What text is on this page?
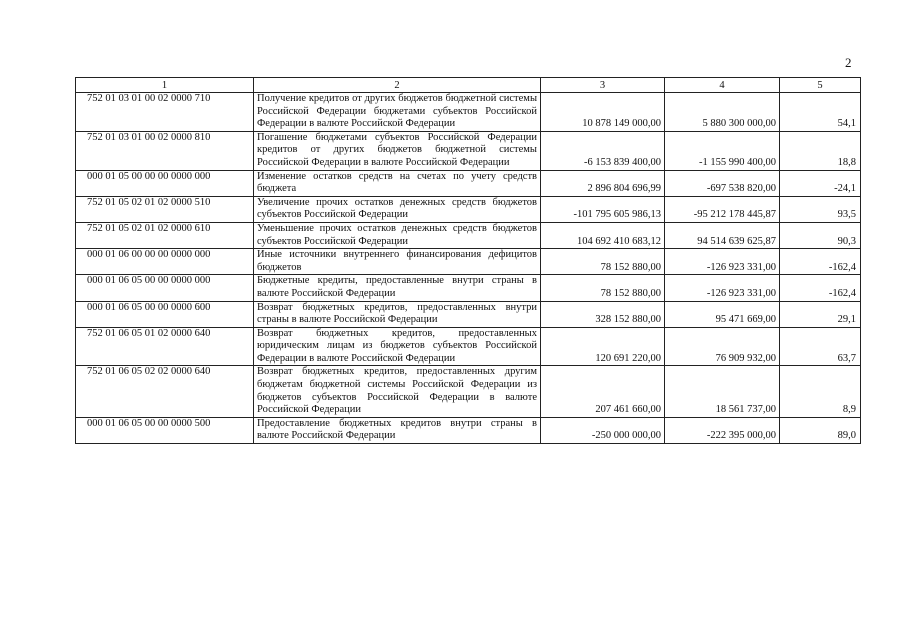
2
1	2	3	4	5
752 01 03 01 00 02 0000 710	Получение кредитов от других бюджетов бюджетной системы Российской Федерации бюджетами субъектов Российской Федерации в валюте Российской Федерации	10 878 149 000,00	5 880 300 000,00	54,1
752 01 03 01 00 02 0000 810	Погашение бюджетами субъектов Российской Федерации кредитов от других бюджетов бюджетной системы Российской Федерации в валюте Российской Федерации	-6 153 839 400,00	-1 155 990 400,00	18,8
000 01 05 00 00 00 0000 000	Изменение остатков средств на счетах по учету средств бюджета	2 896 804 696,99	-697 538 820,00	-24,1
752 01 05 02 01 02 0000 510	Увеличение прочих остатков денежных средств бюджетов субъектов Российской Федерации	-101 795 605 986,13	-95 212 178 445,87	93,5
752 01 05 02 01 02 0000 610	Уменьшение прочих остатков денежных средств бюджетов субъектов Российской Федерации	104 692 410 683,12	94 514 639 625,87	90,3
000 01 06 00 00 00 0000 000	Иные источники внутреннего финансирования дефицитов бюджетов	78 152 880,00	-126 923 331,00	-162,4
000 01 06 05 00 00 0000 000	Бюджетные кредиты, предоставленные внутри страны в валюте Российской Федерации	78 152 880,00	-126 923 331,00	-162,4
000 01 06 05 00 00 0000 600	Возврат бюджетных кредитов, предоставленных внутри страны в валюте Российской Федерации	328 152 880,00	95 471 669,00	29,1
752 01 06 05 01 02 0000 640	Возврат бюджетных кредитов, предоставленных юридическим лицам из бюджетов субъектов Российской Федерации в валюте Российской Федерации	120 691 220,00	76 909 932,00	63,7
752 01 06 05 02 02 0000 640	Возврат бюджетных кредитов, предоставленных другим бюджетам бюджетной системы Российской Федерации из бюджетов субъектов Российской Федерации в валюте Российской Федерации	207 461 660,00	18 561 737,00	8,9
000 01 06 05 00 00 0000 500	Предоставление бюджетных кредитов внутри страны в валюте Российской Федерации	-250 000 000,00	-222 395 000,00	89,0
